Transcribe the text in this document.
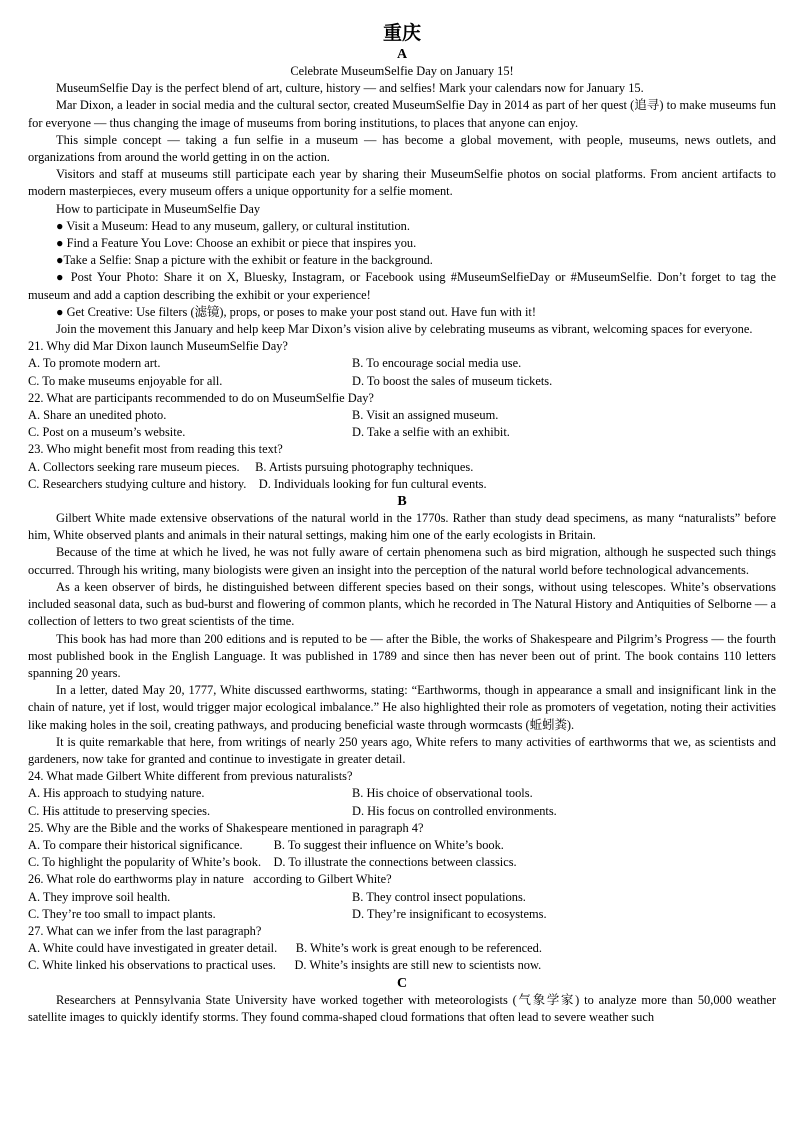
重庆
A

Celebrate MuseumSelfie Day on January 15!

MuseumSelfie Day is the perfect blend of art, culture, history — and selfies! Mark your calendars now for January 15.

Mar Dixon, a leader in social media and the cultural sector, created MuseumSelfie Day in 2014 as part of her quest (追寻) to make museums fun for everyone — thus changing the image of museums from boring institutions, to places that anyone can enjoy.

This simple concept — taking a fun selfie in a museum — has become a global movement, with people, museums, news outlets, and organizations from around the world getting in on the action.

Visitors and staff at museums still participate each year by sharing their MuseumSelfie photos on social platforms. From ancient artifacts to modern masterpieces, every museum offers a unique opportunity for a selfie moment.

How to participate in MuseumSelfie Day

● Visit a Museum: Head to any museum, gallery, or cultural institution.

● Find a Feature You Love: Choose an exhibit or piece that inspires you.

●Take a Selfie: Snap a picture with the exhibit or feature in the background.

● Post Your Photo: Share it on X, Bluesky, Instagram, or Facebook using #MuseumSelfieDay or #MuseumSelfie. Don’t forget to tag the museum and add a caption describing the exhibit or your experience!

● Get Creative: Use filters (滤镜), props, or poses to make your post stand out. Have fun with it!

Join the movement this January and help keep Mar Dixon’s vision alive by celebrating museums as vibrant, welcoming spaces for everyone.

21. Why did Mar Dixon launch MuseumSelfie Day?

A. To promote modern art.	B. To encourage social media use.
C. To make museums enjoyable for all.	D. To boost the sales of museum tickets.

22. What are participants recommended to do on MuseumSelfie Day?

A. Share an unedited photo.	B. Visit an assigned museum.
C. Post on a museum’s website.	D. Take a selfie with an exhibit.

23. Who might benefit most from reading this text?

A. Collectors seeking rare museum pieces.     B. Artists pursuing photography techniques.
C. Researchers studying culture and history.    D. Individuals looking for fun cultural events.
B

Gilbert White made extensive observations of the natural world in the 1770s. Rather than study dead specimens, as many “naturalists” before him, White observed plants and animals in their natural settings, making him one of the early ecologists in Britain.

Because of the time at which he lived, he was not fully aware of certain phenomena such as bird migration, although he suspected such things occurred. Through his writing, many biologists were given an insight into the perception of the natural world before technological advancements.

As a keen observer of birds, he distinguished between different species based on their songs, without using telescopes. White’s observations included seasonal data, such as bud-burst and flowering of common plants, which he recorded in The Natural History and Antiquities of Selborne — a collection of letters to two great scientists of the time.

This book has had more than 200 editions and is reputed to be — after the Bible, the works of Shakespeare and Pilgrim’s Progress — the fourth most published book in the English Language. It was published in 1789 and since then has never been out of print. The book contains 110 letters spanning 20 years.

In a letter, dated May 20, 1777, White discussed earthworms, stating: “Earthworms, though in appearance a small and insignificant link in the chain of nature, yet if lost, would trigger major ecological imbalance.” He also highlighted their role as promoters of vegetation, noting their activities like making holes in the soil, creating pathways, and producing beneficial waste through wormcasts (蚯蚓粪).

It is quite remarkable that here, from writings of nearly 250 years ago, White refers to many activities of earthworms that we, as scientists and gardeners, now take for granted and continue to investigate in greater detail.

24. What made Gilbert White different from previous naturalists?

A. His approach to studying nature.	B. His choice of observational tools.
C. His attitude to preserving species.	D. His focus on controlled environments.

25. Why are the Bible and the works of Shakespeare mentioned in paragraph 4?

A. To compare their historical significance.          B. To suggest their influence on White’s book.
C. To highlight the popularity of White’s book.    D. To illustrate the connections between classics.

26. What role do earthworms play in nature   according to Gilbert White?

A. They improve soil health.	B. They control insect populations.
C. They’re too small to impact plants.	D. They’re insignificant to ecosystems.

27. What can we infer from the last paragraph?

A. White could have investigated in greater detail.      B. White’s work is great enough to be referenced.
C. White linked his observations to practical uses.      D. White’s insights are still new to scientists now.
C

Researchers at Pennsylvania State University have worked together with meteorologists (气象学家) to analyze more than 50,000 weather satellite images to quickly identify storms. They found comma-shaped cloud formations that often lead to severe weather such
